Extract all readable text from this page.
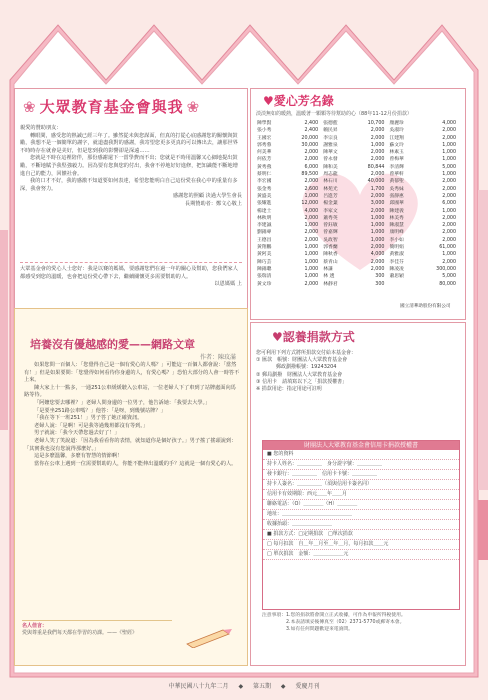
❀ 大眾教育基金會與我 ❀
親愛的贊助朋友：
轉眼間，感受您的熱誠已經三年了。雖然從未與您謀面，但真的打從心底感謝您的關懷與鼓勵，我想不是一個簡單的謝字，就道盡我對的感謝，我寄望您更多更真的可以傳出去，讓那世界不時時存在就會是美好，但是您到我的影響卻是深遠……
您就是不時在這裡陪伴，那份感謝還下一當學費而不出；您就是不時用溫馨又心細地提出鼓勵，不斷地賦予我堅強毅力。因為要有您與您的付出，我會不停地好好進修，把知識能不斷地增進自己的能力，回饋社會。
我的口才不好，我的感激不知道要如何表達，希望您能明白自己這份愛在我心中的重量有多深，我會努力。
感謝您的照顧 決過大學生會長
長期贊助者：鄭文心敬上
大眾基金會的愛心人士您好：我是以賽的媽媽，要感謝您們在過一年的關心及幫助，您我們家人都感受到您的溫暖，也會把這份愛心帶下去，繼續關懷更多需要幫助的人。
以恩媽媽 上
培養沒有優越感的愛——網路文章
作者：陳玟滿
如果您問一百個人：「您覺得自己是一個有愛心的人嗎？」可能這一百個人都會說：「當然有！」但是如果要問：「您覺得如何看待你身邊的人，有愛心嗎？」恐怕大部分的人會一時答不上來。
陳大家上十一點多，一通251公車緩緩駛入公車站，一位老婦人下了車到了站牌處面向馬路等待。
「阿嬤您要去哪裡？」老婦人問身邊的一位男子，他告訴她：「我要去大學。」
「是要坐251路公車嗎？」他答：「是呀，到幾號站牌？」
「我在等下一班251！」男子答了她正確資訊。
老婦人說：「是啊！可是我等過幾班都沒有等到。」
男子就說：「我今天帶您過去好了！」
老婦人笑了笑說道：「因為我看看你的表情，就知道你是個好孩子。」男子搖了搖頭說到：「其實我也沒有您說得那麼好。」
這是多麼溫馨，多麼有智慧的情節啊！
當你在公車上遇到一位需要幫助的人，你能不能伸出溫暖的手？這就是一個有愛心的人。
名人佳言：
愛與尊重是我們每天都在學習的功課。——《聖經》
♥愛心芳名錄
淡淡無如的暖熱，溫暖著一顆顆等待幫助的心（88年11-12月份捐款）
陳學賢	2,400	張德藍	10,700	顏麗珍	4,000
張小秀	2,400	賴民昇	2,000	吳淑玲	2,000
王國宏	20,000	李宗良	2,000	江建翔	2,000
郭秀蓉	30,000	謝雅泉	1,000	蘇文玲	1,000
何美華	2,000	陳華文	2,000	林素玉	1,000
何依芳	2,000	曾永發	2,000	曾梅華	1,000
黃秀燕	6,000	陳和美	80,844	李清輝	5,000
蔡明仁	89,500	周志龍	2,000	曾華軒	1,000
李宏國	2,000	林石川	40,000	黃郁聖	2,000
張金秀	2,600	林苑光	1,700	吳秀妹	2,000
黃盛美	1,000	呂進芳	2,000	張靜惠	2,000
張耀進	12,000	楊金葉	3,000	邱國華	6,000
楊達士	4,000	李家文	2,000	陳建義	1,000
林秋明	2,000	蕭秀英	1,000	林美秀	2,000
李建誠	1,000	曾鈺敏	1,000	陳淑慧	2,000
劉錦專	2,000	曾嘉輝	1,000	康明峰	2,000
王德昌	2,000	吳政智	1,000	李小如	2,000
黃翔鵬	1,000	郭香蘭	2,000	簡明娟	61,000
黃阿美	1,000	陳秋香	4,000	黃雅淑	1,000
陳巧芸	1,000	蔡青山	2,000	李佳芬	2,000
陳錦聰	1,000	林謙	2,000	陳凌凌	300,000
張瑞清	1,000	林 透	300	蕭思穎	5,000
黃文珍	2,000	林靜君	300		80,000
國立清華助股份有限公司
♥認養捐款方式
您可利用下列方式將所捐款交付給本基金會：
① 匯款　帳號：財團法人大眾教育基金會
　　　　郵政劃撥帳號：19243204
② 郵局劃撥　財團法人大眾教育基金會
③ 信用卡　請填寫以下之「捐款授權書」
※ 捐款用途：指定用途可註明
財團法人大眾教育基金會信用卡捐款授權書
■ 您的資料
持卡人姓名：＿＿＿＿＿　身分證字號：＿＿＿＿＿
發卡銀行：＿＿＿＿＿　信用卡卡號：＿＿＿＿＿
持卡人簽名：＿＿＿＿＿（須與信用卡簽名同）
信用卡有效期限：西元＿＿年＿＿月
聯絡電話：（O）＿＿＿＿（H）＿＿＿＿
地址：＿＿＿＿＿＿＿＿＿＿＿＿＿＿
收據抬頭：＿＿＿＿＿＿＿＿
■ 捐款方式：□定期捐款　□單次捐款
□ 每月扣款　自＿年＿月至＿年＿月，每月扣款＿＿元
□ 單次捐款　金額：＿＿＿＿＿＿元
注意事項：1.您的捐款將會開立正式收據，可作為申報所得稅使用。
2.本表請填妥後傳真至（02）2371-5770或郵寄本會。
3.如有任何問題歡迎來電詢問。
中華民國八十九年二月 ◆ 第五期 ◆ 愛慶月刊
